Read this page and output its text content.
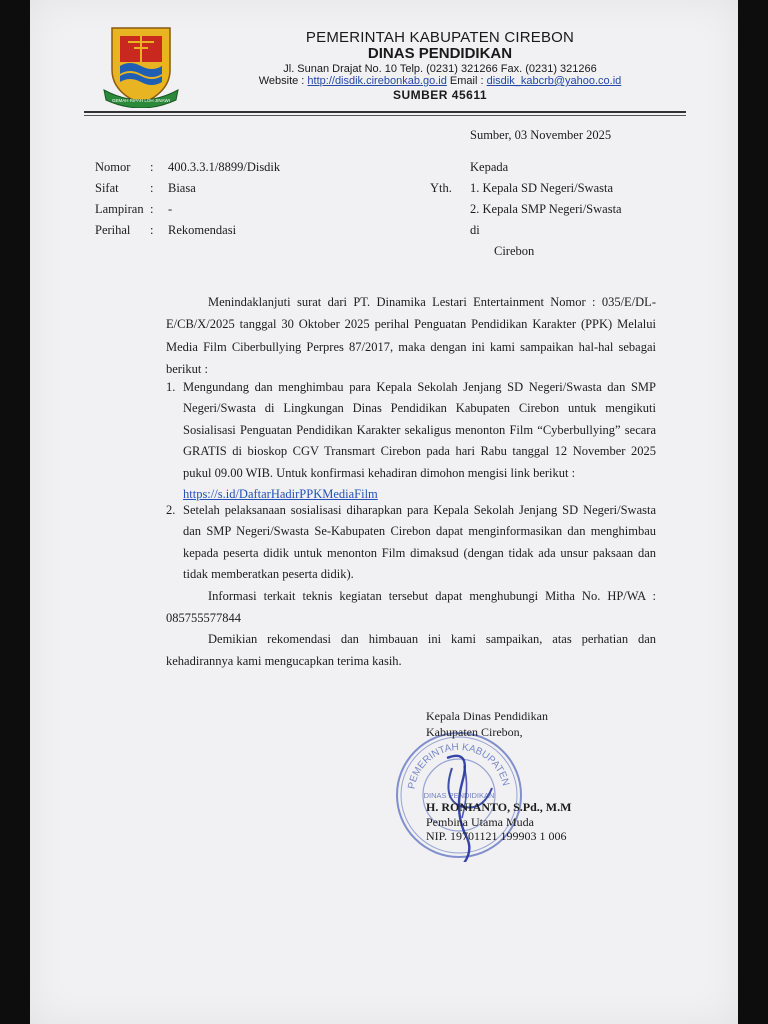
GEMAH RIPAH LOH JINAWI
PEMERINTAH KABUPATEN CIREBON
DINAS PENDIDIKAN
Jl. Sunan Drajat No. 10 Telp. (0231) 321266 Fax. (0231) 321266
Website : http://disdik.cirebonkab.go.id Email : disdik_kabcrb@yahoo.co.id
SUMBER 45611
Sumber, 03 November 2025
Nomor : 400.3.3.1/8899/Disdik
Sifat	: Biasa
Lampiran : -
Perihal : Rekomendasi
Kepada
Yth. 1. Kepala SD Negeri/Swasta
2. Kepala SMP Negeri/Swasta
di
Cirebon
Menindaklanjuti surat dari PT. Dinamika Lestari Entertainment Nomor : 035/E/DL-E/CB/X/2025 tanggal 30 Oktober 2025 perihal Penguatan Pendidikan Karakter (PPK) Melalui Media Film Ciberbullying Perpres 87/2017, maka dengan ini kami sampaikan hal-hal sebagai berikut :
1. Mengundang dan menghimbau para Kepala Sekolah Jenjang SD Negeri/Swasta dan SMP Negeri/Swasta di Lingkungan Dinas Pendidikan Kabupaten Cirebon untuk mengikuti Sosialisasi Penguatan Pendidikan Karakter sekaligus menonton Film “Cyberbullying” secara GRATIS di bioskop CGV Transmart Cirebon pada hari Rabu tanggal 12 November 2025 pukul 09.00 WIB. Untuk konfirmasi kehadiran dimohon mengisi link berikut :
https://s.id/DaftarHadirPPKMediaFilm
2. Setelah pelaksanaan sosialisasi diharapkan para Kepala Sekolah Jenjang SD Negeri/Swasta dan SMP Negeri/Swasta Se-Kabupaten Cirebon dapat menginformasikan dan menghimbau kepada peserta didik untuk menonton Film dimaksud (dengan tidak ada unsur paksaan dan tidak memberatkan peserta didik).
Informasi terkait teknis kegiatan tersebut dapat menghubungi Mitha No. HP/WA : 085755577844
Demikian rekomendasi dan himbauan ini kami sampaikan, atas perhatian dan kehadirannya kami mengucapkan terima kasih.
PEMERINTAH KABUPATEN
DINAS PENDIDIKAN
Kepala Dinas Pendidikan
Kabupaten Cirebon,
H. RONIANTO, S.Pd., M.M
Pembina Utama Muda
NIP. 19701121 199903 1 006
